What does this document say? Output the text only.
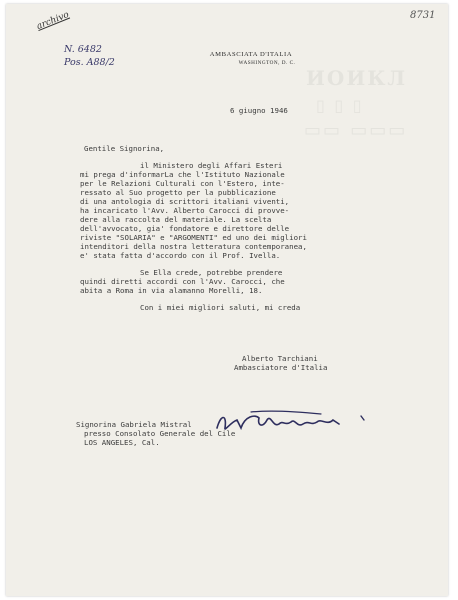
ИОИКЛ
▯ ▯ ▯
▭▭ ▭▭▭
archivo	8731
N. 6482
Pos. A88/2
AMBASCIATA D'ITALIA
WASHINGTON, D. C.

6 giugno 1946

Gentile Signorina,

il Ministero degli Affari Esteri

mi prega d'informarLa che l'Istituto Nazionale

per le Relazioni Culturali con l'Estero, inte-

ressato al Suo progetto per la pubblicazione

di una antologia di scrittori italiani viventi,

ha incaricato l'Avv. Alberto Carocci di provve-

dere alla raccolta del materiale. La scelta

dell'avvocato, gia' fondatore e direttore delle

riviste "SOLARIA" e "ARGOMENTI" ed uno dei migliori

intenditori della nostra letteratura contemporanea,

e' stata fatta d'accordo con il Prof. Ivella.

Se Ella crede, potrebbe prendere

quindi diretti accordi con l'Avv. Carocci, che

abita a Roma in via alamanno Morelli, 18.

Con i miei migliori saluti, mi creda

Alberto Tarchiani

Ambasciatore d'Italia

Signorina Gabriela Mistral

presso Consolato Generale del Cile

LOS ANGELES, Cal.
